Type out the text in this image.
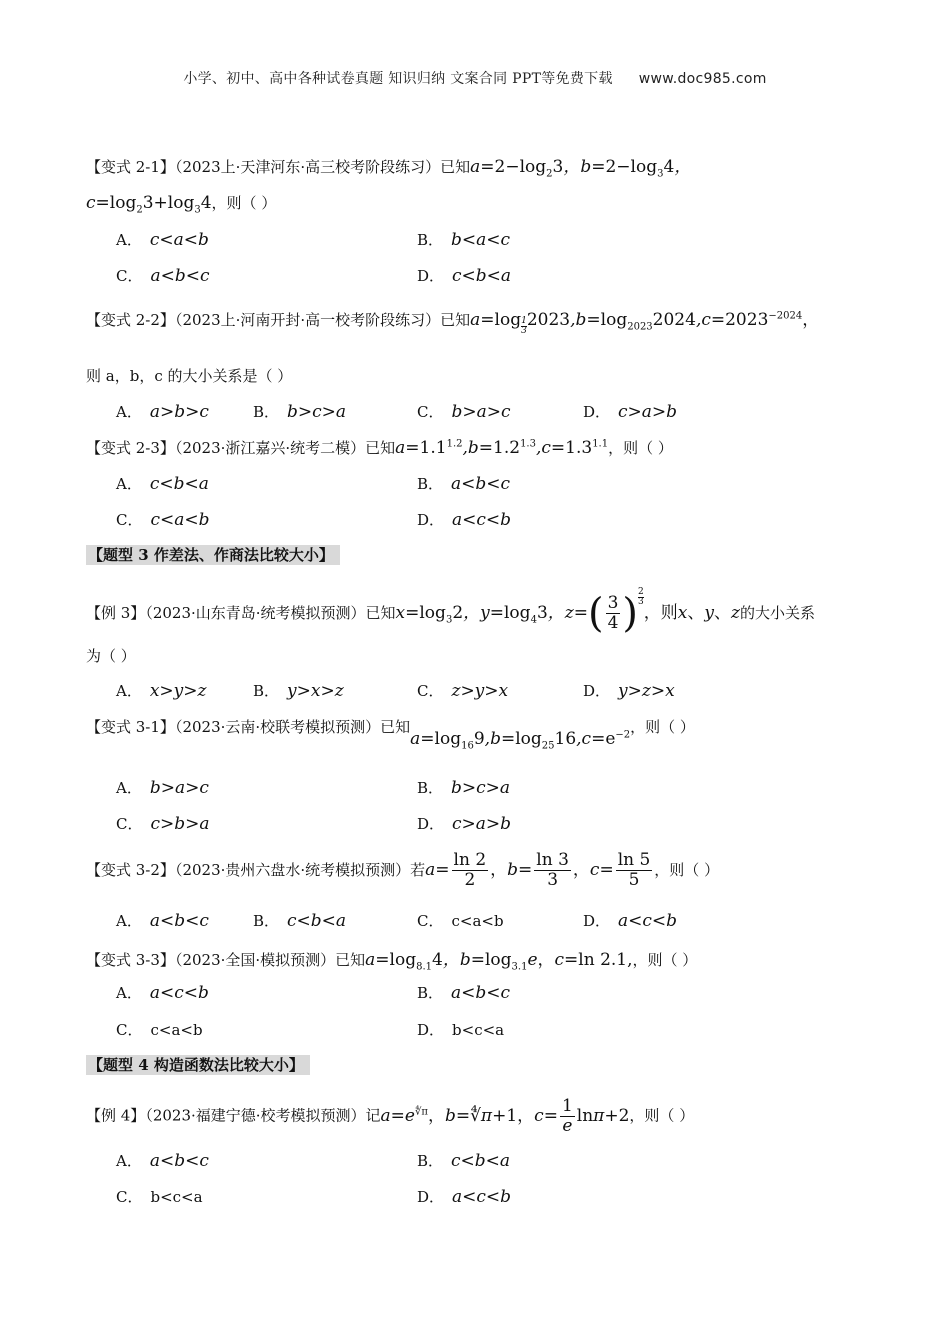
小学、初中、高中各种试卷真题 知识归纳 文案合同 PPT等免费下载 www.doc985.com
【变式 2-1】（2023上·天津河东·高三校考阶段练习）已知$a=2-\log_23$，$b=2-\log_34$，
$c=\log_23+\log_34$，则（ ）
A． c<a<b	B． b<a<c
C． a<b<c	D． c<b<a
【变式 2-2】（2023上·河南开封·高一校考阶段练习）已知$a=\log \frac{1}{3} 2023,b=\log_{2023}2024,c=2023^{-2024}$，
则 a，b，c 的大小关系是（ ）
A． a>b>c	B． b>c>a	C． b>a>c	D． c>a>b
【变式 2-3】（2023·浙江嘉兴·统考二模）已知$a=1.1^{1.2},b=1.2^{1.3},c=1.3^{1.1}$，则（ ）
A． c<b<a	B． a<b<c
C． c<a<b	D． a<c<b
【题型 3 作差法、作商法比较大小】
【例 3】（2023·山东青岛·统考模拟预测）已知$x=\log_32$，$y=\log_43$，$z=( \frac{3}{4}$ ) $^{\frac{2}{3}}$
，则x、y、z的大小关系
为（ ）
A． x>y>z	B． y>x>z	C． z>y>x	D． y>z>x
【变式 3-1】（2023·云南·校联考模拟预测）已知$a=\log_{16}9,b=\log_{25}16,c=e^{-2}$，则（ ）
A． b>a>c	B． b>c>a
C． c>b>a	D． c>a>b
【变式 3-2】（2023·贵州六盘水·统考模拟预测）若$a= \frac{\ln 2}{2}$ ，$b= \frac{\ln 3}{3}$ ，$c= \frac{\ln 5}{5}$ ，则（ ）
A． a<b<c	B． c<b<a	C． c<a<b	D． a<c<b
【变式 3-3】（2023·全国·模拟预测）已知$a=\log_{8.1}4$，$b=\log_{3.1}e$，c=ln 2.1,，则（ ）
A． a<c<b	B． a<b<c
C． c<a<b	D． b<c<a
【题型 4 构造函数法比较大小】
【例 4】（2023·福建宁德·校考模拟预测）记$a=e^{∜\pi}$，b=∜π+1，$c= \frac{1}{e} \ln\pi+2$，则（ ）
A． a<b<c	B． c<b<a
C． b<c<a	D． a<c<b
